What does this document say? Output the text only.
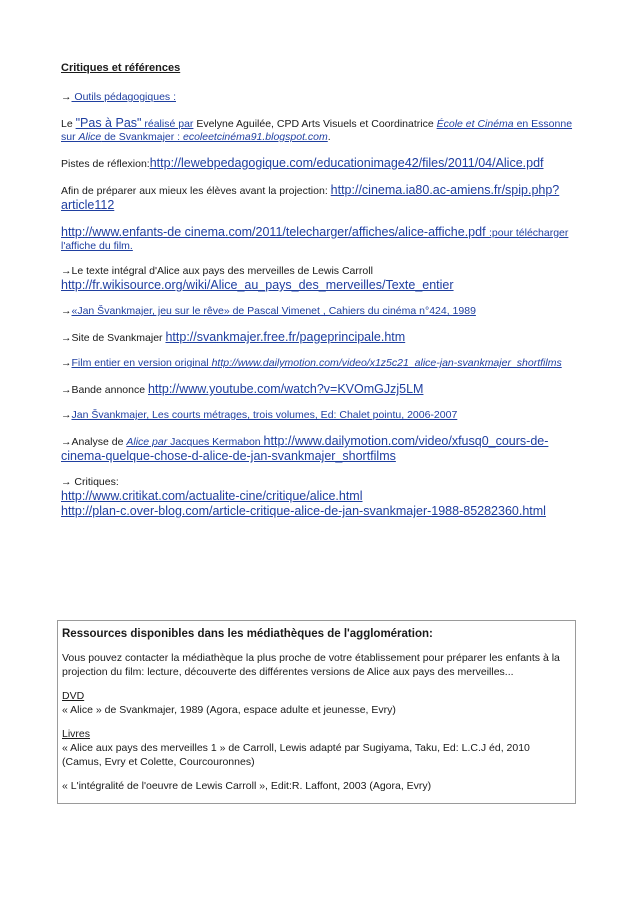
Critiques et références
→ Outils pédagogiques :
Le "Pas à Pas" réalisé par Evelyne Aguilée, CPD Arts Visuels et Coordinatrice École et Cinéma en Essonne
sur Alice de Svankmajer : ecoleetcinéma91.blogspot.com.
Pistes de réflexion:http://lewebpedagogique.com/educationimage42/files/2011/04/Alice.pdf
Afin de préparer aux mieux les élèves avant la projection: http://cinema.ia80.ac-amiens.fr/spip.php?article112
http://www.enfants-de cinema.com/2011/telecharger/affiches/alice-affiche.pdf :pour télécharger l'affiche du film.
→Le texte intégral d'Alice aux pays des merveilles de Lewis Carroll
http://fr.wikisource.org/wiki/Alice_au_pays_des_merveilles/Texte_entier
→«Jan Švankmajer, jeu sur le rêve» de Pascal Vimenet , Cahiers du cinéma n°424, 1989
→Site de Svankmajer http://svankmajer.free.fr/pageprincipale.htm
→Film entier en version original http://www.dailymotion.com/video/x1z5c21_alice-jan-svankmajer_shortfilms
→Bande annonce http://www.youtube.com/watch?v=KVOmGJzj5LM
→Jan Švankmajer, Les courts métrages, trois volumes, Ed: Chalet pointu, 2006-2007
→Analyse de Alice par Jacques Kermabon http://www.dailymotion.com/video/xfusq0_cours-de-cinema-quelque-chose-d-alice-de-jan-svankmajer_shortfilms
→ Critiques:
http://www.critikat.com/actualite-cine/critique/alice.html
http://plan-c.over-blog.com/article-critique-alice-de-jan-svankmajer-1988-85282360.html
Ressources disponibles dans les médiathèques de l'agglomération:
Vous pouvez contacter la médiathèque la plus proche de votre établissement pour préparer les enfants à la projection du film: lecture, découverte des différentes versions de Alice aux pays des merveilles...
DVD
« Alice » de Svankmajer, 1989 (Agora, espace adulte et jeunesse, Evry)
Livres
« Alice aux pays des merveilles 1 » de Carroll, Lewis adapté par Sugiyama, Taku, Ed: L.C.J éd, 2010 (Camus, Evry et Colette, Courcouronnes)
« L'intégralité de l'oeuvre de Lewis Carroll », Edit:R. Laffont, 2003 (Agora, Evry)
